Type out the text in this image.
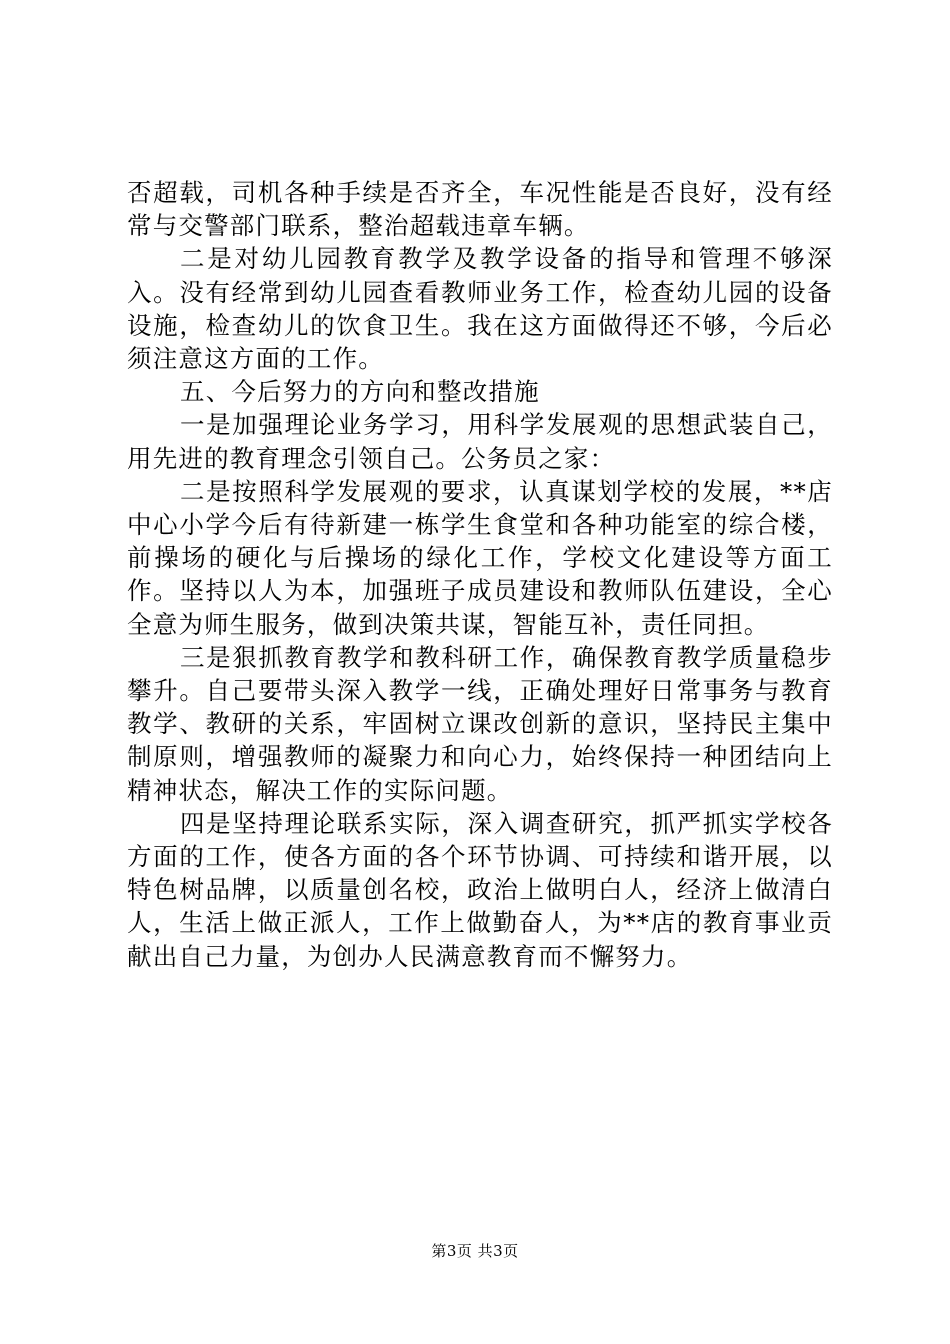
否超载，司机各种手续是否齐全，车况性能是否良好，没有经常与交警部门联系，整治超载违章车辆。

二是对幼儿园教育教学及教学设备的指导和管理不够深入。没有经常到幼儿园查看教师业务工作，检查幼儿园的设备设施，检查幼儿的饮食卫生。我在这方面做得还不够，今后必须注意这方面的工作。

五、今后努力的方向和整改措施

一是加强理论业务学习，用科学发展观的思想武装自己，用先进的教育理念引领自己。公务员之家：

二是按照科学发展观的要求，认真谋划学校的发展，**店中心小学今后有待新建一栋学生食堂和各种功能室的综合楼，前操场的硬化与后操场的绿化工作，学校文化建设等方面工作。坚持以人为本，加强班子成员建设和教师队伍建设，全心全意为师生服务，做到决策共谋，智能互补，责任同担。

三是狠抓教育教学和教科研工作，确保教育教学质量稳步攀升。自己要带头深入教学一线，正确处理好日常事务与教育教学、教研的关系，牢固树立课改创新的意识，坚持民主集中制原则，增强教师的凝聚力和向心力，始终保持一种团结向上精神状态，解决工作的实际问题。

四是坚持理论联系实际，深入调查研究，抓严抓实学校各方面的工作，使各方面的各个环节协调、可持续和谐开展，以特色树品牌，以质量创名校，政治上做明白人，经济上做清白人，生活上做正派人，工作上做勤奋人，为**店的教育事业贡献出自己力量，为创办人民满意教育而不懈努力。

第3页 共3页
